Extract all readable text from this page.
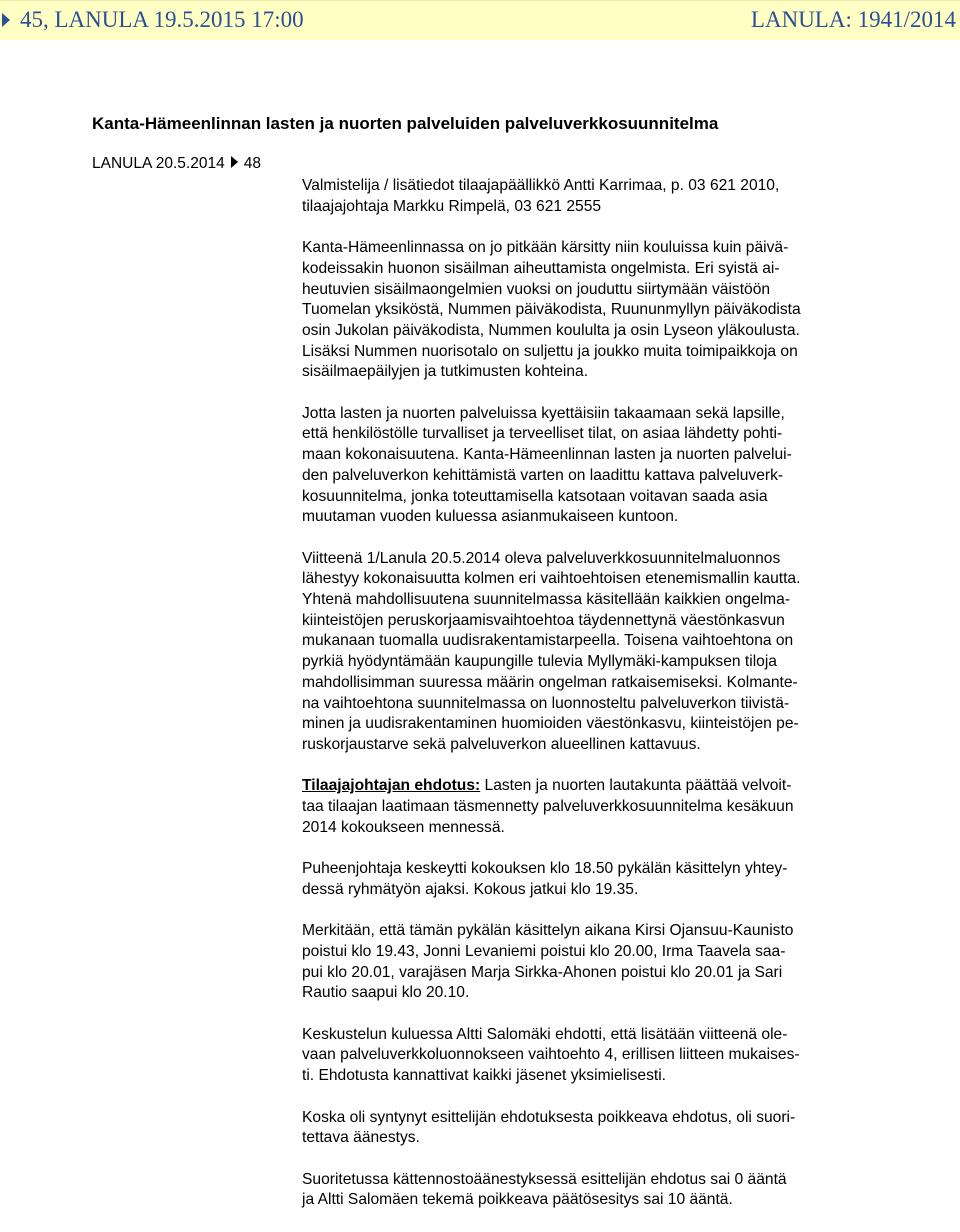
45, LANULA 19.5.2015 17:00	LANULA: 1941/2014
Kanta-Hämeenlinnan lasten ja nuorten palveluiden palveluverkkosuunnitelma
LANULA 20.5.2014 48
Valmistelija / lisätiedot tilaajapäällikkö Antti Karrimaa, p. 03 621 2010,
tilaajajohtaja Markku Rimpelä, 03 621 2555
Kanta-Hämeenlinnassa on jo pitkään kärsitty niin kouluissa kuin päivä-
kodeissakin huonon sisäilman aiheuttamista ongelmista. Eri syistä ai-
heutuvien sisäilmaongelmien vuoksi on jouduttu siirtymään väistöön
Tuomelan yksiköstä, Nummen päiväkodista, Ruununmyllyn päiväkodista
osin Jukolan päiväkodista, Nummen koululta ja osin Lyseon yläkoulusta.
Lisäksi Nummen nuorisotalo on suljettu ja joukko muita toimipaikkoja on
sisäilmaepäilyjen ja tutkimusten kohteina.
Jotta lasten ja nuorten palveluissa kyettäisiin takaamaan sekä lapsille,
että henkilöstölle turvalliset ja terveelliset tilat, on asiaa lähdetty pohti-
maan kokonaisuutena. Kanta-Hämeenlinnan lasten ja nuorten palvelui-
den palveluverkon kehittämistä varten on laadittu kattava palveluverk-
kosuunnitelma, jonka toteuttamisella katsotaan voitavan saada asia
muutaman vuoden kuluessa asianmukaiseen kuntoon.
Viitteenä 1/Lanula 20.5.2014 oleva palveluverkkosuunnitelmaluonnos
lähestyy kokonaisuutta kolmen eri vaihtoehtoisen etenemismallin kautta.
Yhtenä mahdollisuutena suunnitelmassa käsitellään kaikkien ongelma-
kiinteistöjen peruskorjaamisvaihtoehtoa täydennettynä väestönkasvun
mukanaan tuomalla uudisrakentamistarpeella. Toisena vaihtoehtona on
pyrkiä hyödyntämään kaupungille tulevia Myllymäki-kampuksen tiloja
mahdollisimman suuressa määrin ongelman ratkaisemiseksi. Kolmante-
na vaihtoehtona suunnitelmassa on luonnosteltu palveluverkon tiivistä-
minen ja uudisrakentaminen huomioiden väestönkasvu, kiinteistöjen pe-
ruskorjaustarve sekä palveluverkon alueellinen kattavuus.
Tilaajajohtajan ehdotus: Lasten ja nuorten lautakunta päättää velvoit-
taa tilaajan laatimaan täsmennetty palveluverkkosuunnitelma kesäkuun
2014 kokoukseen mennessä.
Puheenjohtaja keskeytti kokouksen klo 18.50 pykälän käsittelyn yhtey-
dessä ryhmätyön ajaksi. Kokous jatkui klo 19.35.
Merkitään, että tämän pykälän käsittelyn aikana Kirsi Ojansuu-Kaunisto
poistui klo 19.43, Jonni Levaniemi poistui klo 20.00, Irma Taavela saa-
pui klo 20.01, varajäsen Marja Sirkka-Ahonen poistui klo 20.01 ja Sari
Rautio saapui klo 20.10.
Keskustelun kuluessa Altti Salomäki ehdotti, että lisätään viitteenä ole-
vaan palveluverkkoluonnokseen vaihtoehto 4, erillisen liitteen mukaises-
ti. Ehdotusta kannattivat kaikki jäsenet yksimielisesti.
Koska oli syntynyt esittelijän ehdotuksesta poikkeava ehdotus, oli suori-
tettava äänestys.
Suoritetussa kättennostoäänestyksessä esittelijän ehdotus sai 0 ääntä
ja Altti Salomäen tekemä poikkeava päätösesitys sai 10 ääntä.
